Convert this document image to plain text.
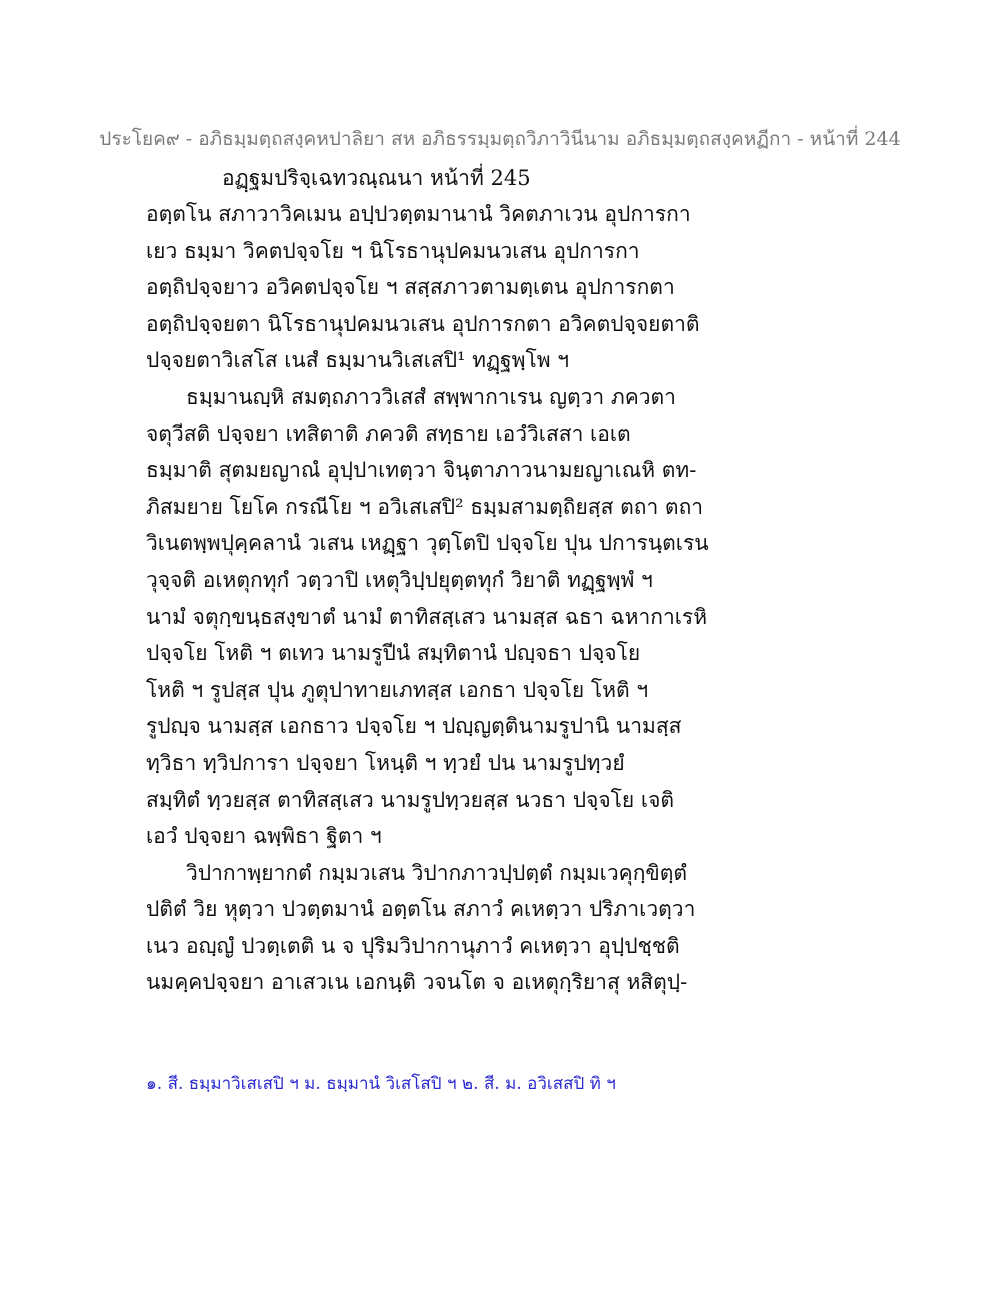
ประโยค๙ - อภิธมฺมตฺถสงฺคหปาลิยา สห อภิธรรมฺมตฺถวิภาวินีนาม อภิธมฺมตฺถสงฺคหฏีกา - หน้าที่ 244
อฏฺฐมปริจฺเฉทวณฺณนา หน้าที่ 245
อตฺตโน สภาวาวิคเมน อปฺปวตฺตมานานํ วิคตภาเวน อุปการกา
เยว ธมฺมา วิคตปจฺจโย ฯ นิโรธานุปคมนวเสน อุปการกา
อตฺถิปจฺจยาว อวิคตปจฺจโย ฯ สสฺสภาวตามตฺเตน อุปการกตา
อตฺถิปจฺจยตา นิโรธานุปคมนวเสน อุปการกตา อวิคตปจฺจยตาติ
ปจฺจยตาวิเสโส เนสํ ธมฺมานวิเสเสปิ¹ ทฏฺฐพฺโพ ฯ
ธมฺมานญฺหิ สมตฺถภาววิเสสํ สพฺพากาเรน ญตฺวา ภควตา
จตุวีสติ ปจฺจยา เทสิตาติ ภควติ สทฺธาย เอวํวิเสสา เอเต
ธมฺมาติ สุตมยญาณํ อุปฺปาเทตฺวา จินฺตาภาวนามยญาเณหิ ตท-
ภิสมยาย โยโค กรณีโย ฯ อวิเสเสปิ² ธมฺมสามตฺถิยสฺส ตถา ตถา
วิเนตพฺพปุคฺคลานํ วเสน เหฏฺฐา วุตฺโตปิ ปจฺจโย ปุน ปการนฺตเรน
วุจฺจติ อเหตุกทุกํ วตฺวาปิ เหตุวิปฺปยุตฺตทุกํ วิยาติ ทฏฺฐพฺพํ ฯ
นามํ จตุกฺขนฺธสงฺขาตํ นามํ ตาทิสสฺเสว นามสฺส ฉธา ฉหากาเรหิ
ปจฺจโย โหติ ฯ ตเทว นามรูปีนํ สมฺทิตานํ ปญฺจธา ปจฺจโย
โหติ ฯ รูปสฺส ปุน ภูตุปาทายเภทสฺส เอกธา ปจฺจโย โหติ ฯ
รูปญฺจ นามสฺส เอกธาว ปจฺจโย ฯ ปญฺญตฺตินามรูปานิ นามสฺส
ทฺวิธา ทฺวิปการา ปจฺจยา โหนฺติ ฯ ทฺวยํ ปน นามรูปทฺวยํ
สมฺทิตํ ทฺวยสฺส ตาทิสสฺเสว นามรูปทฺวยสฺส นวธา ปจฺจโย เจติ
เอวํ ปจฺจยา ฉพฺพิธา ฐิตา ฯ
วิปากาพฺยากตํ กมฺมวเสน วิปากภาวปฺปตฺตํ กมฺมเวคุกฺขิตฺตํ
ปติตํ วิย หุตฺวา ปวตฺตมานํ อตฺตโน สภาวํ คเหตฺวา ปริภาเวตฺวา
เนว อญฺญํ ปวตฺเตติ น จ ปุริมวิปากานุภาวํ คเหตฺวา อุปฺปชฺชติ
นมคฺคปจฺจยา อาเสวเน เอกนฺติ วจนโต จ อเหตุกฺริยาสุ หสิตุปฺ-
๑. สี. ธมฺมาวิเสเสปิ ฯ ม. ธมฺมานํ วิเสโสปิ ฯ ๒. สี. ม. อวิเสสปิ ทิ ฯ
